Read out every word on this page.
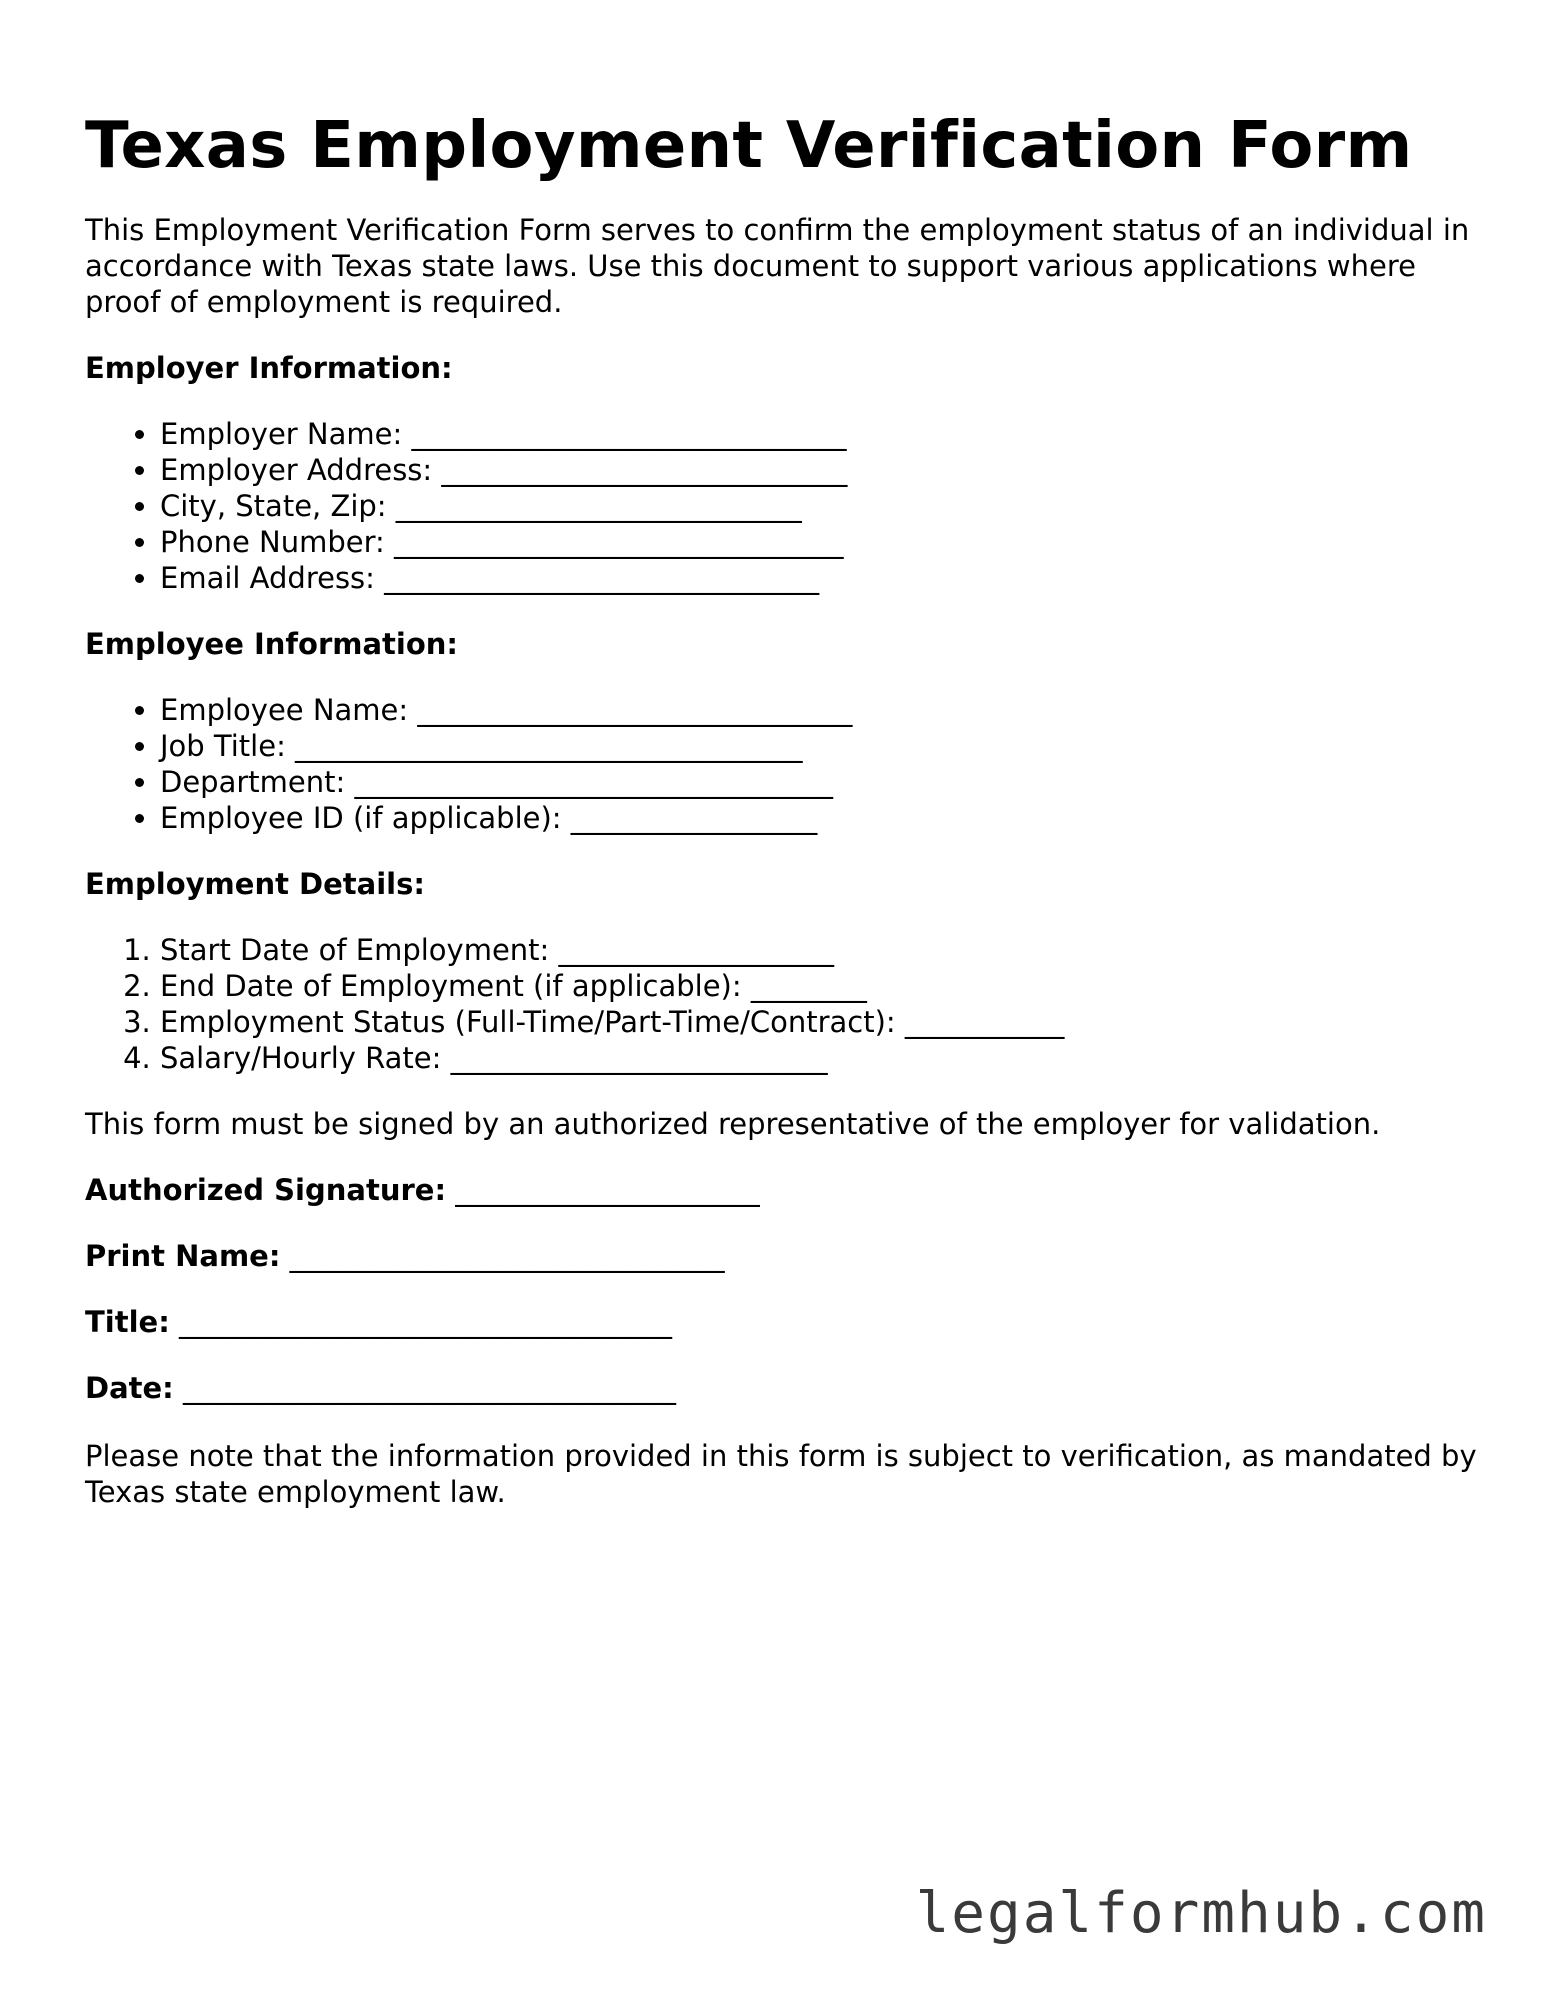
Texas Employment Verification Form

This Employment Verification Form serves to confirm the employment status of an individual in accordance with Texas state laws. Use this document to support various applications where proof of employment is required.

Employer Information:
• Employer Name: ______________________________
• Employer Address: ____________________________
• City, State, Zip: ____________________________
• Phone Number: _______________________________
• Email Address: ______________________________
Employee Information:
• Employee Name: ______________________________
• Job Title: ___________________________________
• Department: _________________________________
• Employee ID (if applicable): _________________
Employment Details:
1. Start Date of Employment: ___________________
2. End Date of Employment (if applicable): ________
3. Employment Status (Full-Time/Part-Time/Contract): ___________
4. Salary/Hourly Rate: __________________________

This form must be signed by an authorized representative of the employer for validation.

Authorized Signature: _____________________
Print Name: ______________________________
Title: __________________________________
Date: __________________________________

Please note that the information provided in this form is subject to verification, as mandated by Texas state employment law.

legalformhub.com
